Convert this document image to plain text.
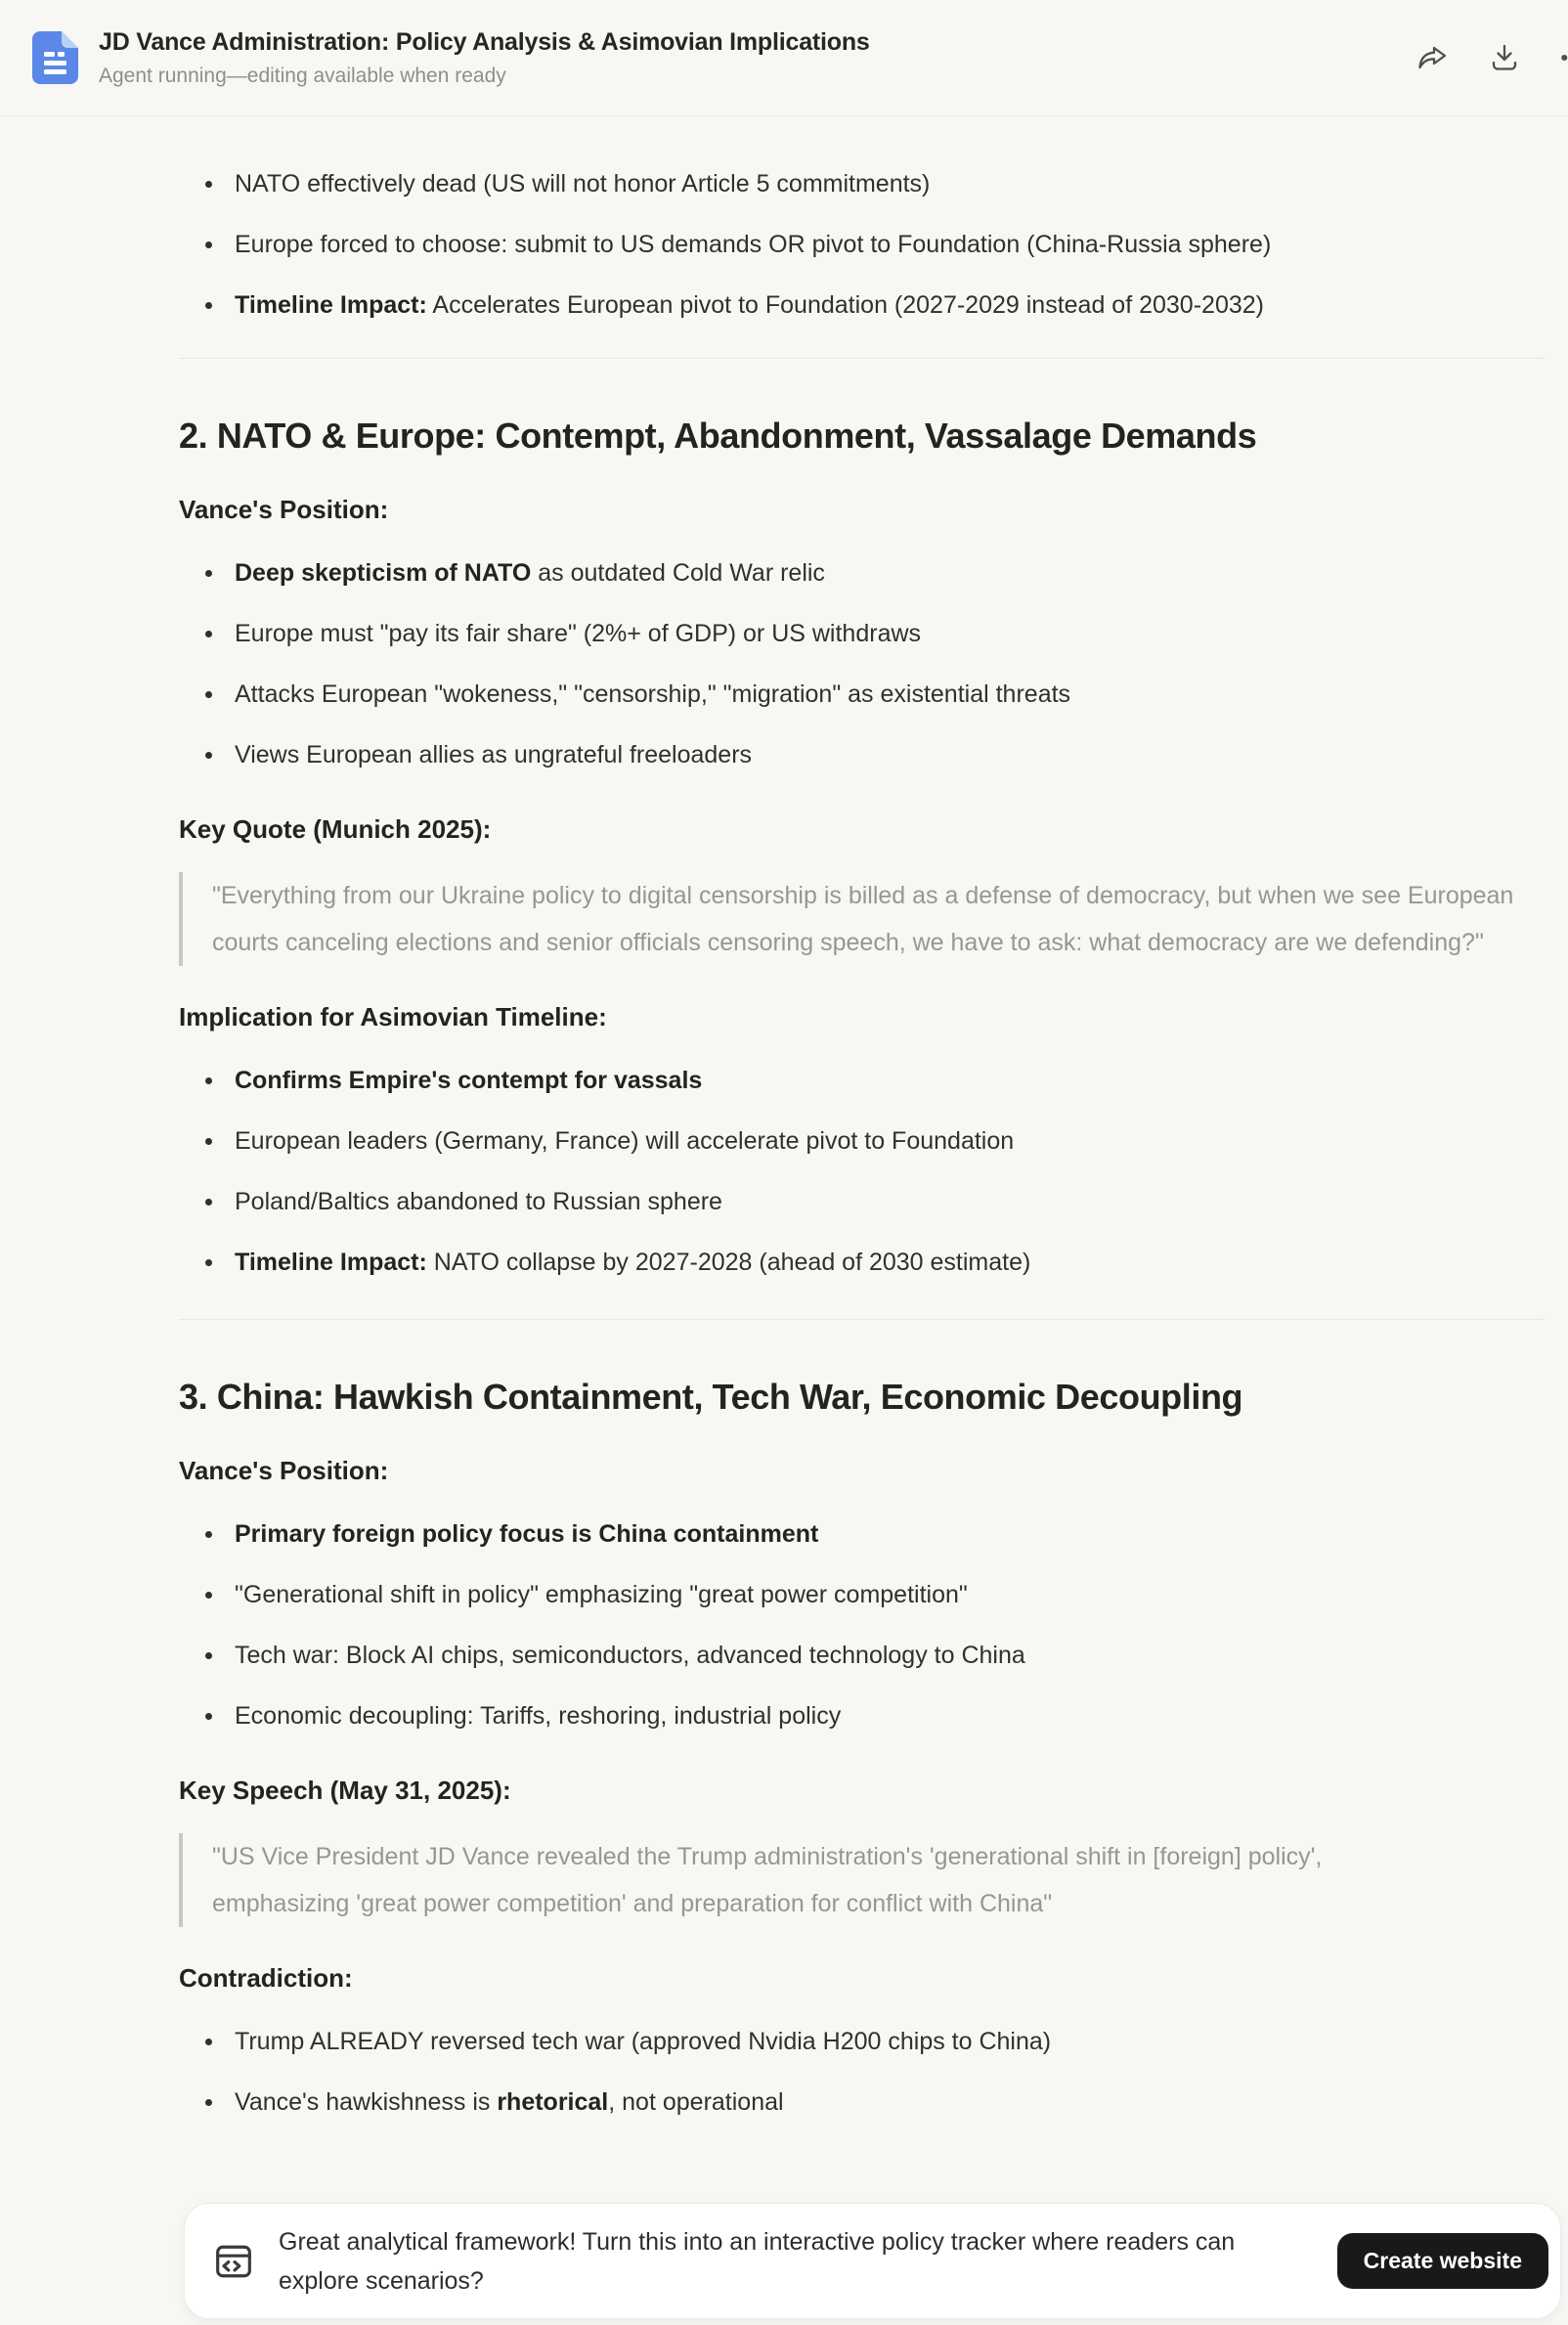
JD Vance Administration: Policy Analysis & Asimovian Implications
Agent running—editing available when ready
NATO effectively dead (US will not honor Article 5 commitments)
Europe forced to choose: submit to US demands OR pivot to Foundation (China-Russia sphere)
Timeline Impact: Accelerates European pivot to Foundation (2027-2029 instead of 2030-2032)
2. NATO & Europe: Contempt, Abandonment, Vassalage Demands
Vance's Position:
Deep skepticism of NATO as outdated Cold War relic
Europe must "pay its fair share" (2%+ of GDP) or US withdraws
Attacks European "wokeness," "censorship," "migration" as existential threats
Views European allies as ungrateful freeloaders
Key Quote (Munich 2025):
"Everything from our Ukraine policy to digital censorship is billed as a defense of democracy, but when we see European courts canceling elections and senior officials censoring speech, we have to ask: what democracy are we defending?"
Implication for Asimovian Timeline:
Confirms Empire's contempt for vassals
European leaders (Germany, France) will accelerate pivot to Foundation
Poland/Baltics abandoned to Russian sphere
Timeline Impact: NATO collapse by 2027-2028 (ahead of 2030 estimate)
3. China: Hawkish Containment, Tech War, Economic Decoupling
Vance's Position:
Primary foreign policy focus is China containment
"Generational shift in policy" emphasizing "great power competition"
Tech war: Block AI chips, semiconductors, advanced technology to China
Economic decoupling: Tariffs, reshoring, industrial policy
Key Speech (May 31, 2025):
"US Vice President JD Vance revealed the Trump administration's 'generational shift in [foreign] policy', emphasizing 'great power competition' and preparation for conflict with China"
Contradiction:
Trump ALREADY reversed tech war (approved Nvidia H200 chips to China)
Vance's hawkishness is rhetorical, not operational
Great analytical framework! Turn this into an interactive policy tracker where readers can explore scenarios?
Create website
